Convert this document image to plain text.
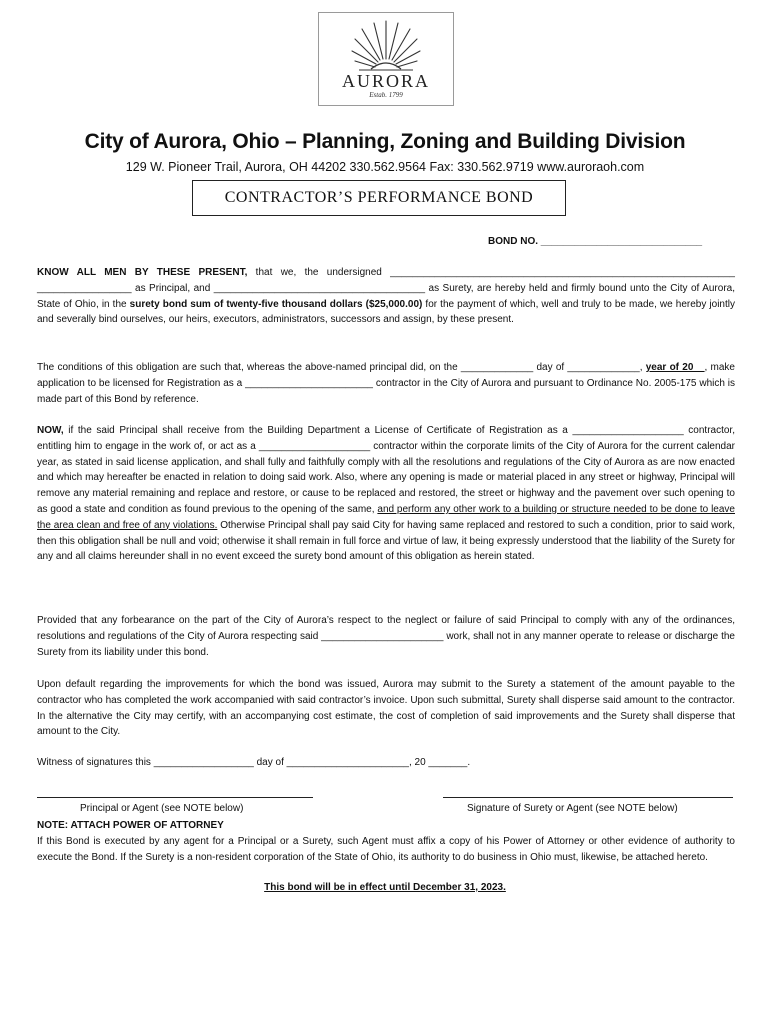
AURORA
Estab. 1799
City of Aurora, Ohio – Planning, Zoning and Building Division
129 W. Pioneer Trail, Aurora, OH 44202 330.562.9564 Fax: 330.562.9719 www.auroraoh.com
CONTRACTOR’S PERFORMANCE BOND
BOND NO. _____________________________

KNOW ALL MEN BY THESE PRESENT, that we, the undersigned ______________________________________________________________ _________________ as Principal, and ______________________________________ as Surety, are hereby held and firmly bound unto the City of Aurora, State of Ohio, in the surety bond sum of twenty-five thousand dollars ($25,000.00) for the payment of which, well and truly to be made, we hereby jointly and severally bind ourselves, our heirs, executors, administrators, successors and assign, by these present.

The conditions of this obligation are such that, whereas the above-named principal did, on the _____________ day of _____________, year of 20__, make application to be licensed for Registration as a _______________________ contractor in the City of Aurora and pursuant to Ordinance No. 2005-175 which is made part of this Bond by reference.

NOW, if the said Principal shall receive from the Building Department a License of Certificate of Registration as a ____________________ contractor, entitling him to engage in the work of, or act as a ____________________ contractor within the corporate limits of the City of Aurora for the current calendar year, as stated in said license application, and shall fully and faithfully comply with all the resolutions and regulations of the City of Aurora as are now enacted and which may hereafter be enacted in relation to doing said work. Also, where any opening is made or material placed in any street or highway, Principal will remove any material remaining and replace and restore, or cause to be replaced and restored, the street or highway and the pavement over such opening to as good a state and condition as found previous to the opening of the same, and perform any other work to a building or structure needed to be done to leave the area clean and free of any violations. Otherwise Principal shall pay said City for having same replaced and restored to such a condition, prior to said work, then this obligation shall be null and void; otherwise it shall remain in full force and virtue of law, it being expressly understood that the liability of the Surety for any and all claims hereunder shall in no event exceed the surety bond amount of this obligation as herein stated.

Provided that any forbearance on the part of the City of Aurora’s respect to the neglect or failure of said Principal to comply with any of the ordinances, resolutions and regulations of the City of Aurora respecting said ______________________ work, shall not in any manner operate to release or discharge the Surety from its liability under this bond.

Upon default regarding the improvements for which the bond was issued, Aurora may submit to the Surety a statement of the amount payable to the contractor who has completed the work accompanied with said contractor’s invoice. Upon such submittal, Surety shall disperse said amount to the contractor. In the alternative the City may certify, with an accompanying cost estimate, the cost of completion of said improvements and the Surety shall disperse that amount to the City.

Witness of signatures this __________________ day of ______________________, 20 _______.

Principal or Agent (see NOTE below)	Signature of Surety or Agent (see NOTE below)
NOTE: ATTACH POWER OF ATTORNEY

If this Bond is executed by any agent for a Principal or a Surety, such Agent must affix a copy of his Power of Attorney or other evidence of authority to execute the Bond. If the Surety is a non-resident corporation of the State of Ohio, its authority to do business in Ohio must, likewise, be attached hereto.

This bond will be in effect until December 31, 2023.
